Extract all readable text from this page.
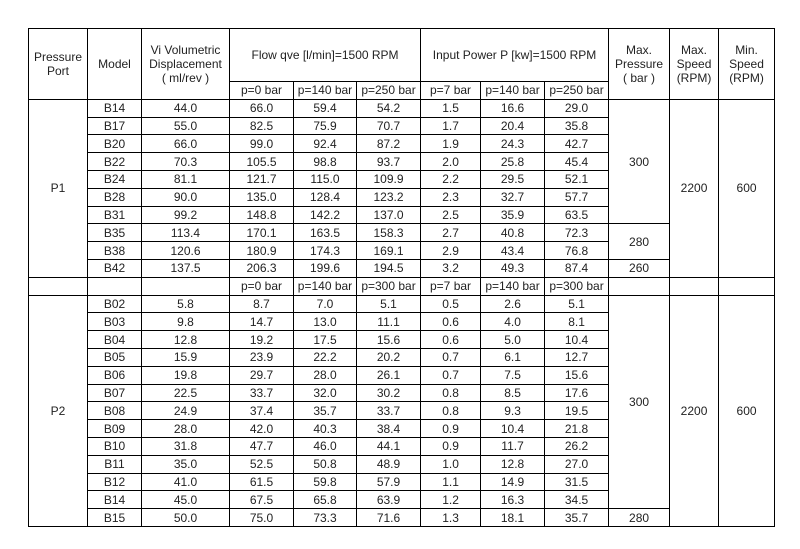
Pressure
Port	Model	Vi Volumetric
Displacement
( ml/rev )	Flow qve [l/min]=1500 RPM			Input Power P [kw]=1500 RPM			Max.
Pressure
( bar )	Max.
Speed
(RPM)	Min.
Speed
(RPM)
			p=0 bar	p=140 bar	p=250 bar	p=7 bar	p=140 bar	p=250 bar			
P1	B14	44.0	66.0	59.4	54.2	1.5	16.6	29.0	300	2200	600
	B17	55.0	82.5	75.9	70.7	1.7	20.4	35.8			
	B20	66.0	99.0	92.4	87.2	1.9	24.3	42.7			
	B22	70.3	105.5	98.8	93.7	2.0	25.8	45.4			
	B24	81.1	121.7	115.0	109.9	2.2	29.5	52.1			
	B28	90.0	135.0	128.4	123.2	2.3	32.7	57.7			
	B31	99.2	148.8	142.2	137.0	2.5	35.9	63.5			
	B35	113.4	170.1	163.5	158.3	2.7	40.8	72.3	280		
	B38	120.6	180.9	174.3	169.1	2.9	43.4	76.8			
	B42	137.5	206.3	199.6	194.5	3.2	49.3	87.4	260		
			p=0 bar	p=140 bar	p=300 bar	p=7 bar	p=140 bar	p=300 bar			
P2	B02	5.8	8.7	7.0	5.1	0.5	2.6	5.1	300	2200	600
	B03	9.8	14.7	13.0	11.1	0.6	4.0	8.1			
	B04	12.8	19.2	17.5	15.6	0.6	5.0	10.4			
	B05	15.9	23.9	22.2	20.2	0.7	6.1	12.7			
	B06	19.8	29.7	28.0	26.1	0.7	7.5	15.6			
	B07	22.5	33.7	32.0	30.2	0.8	8.5	17.6			
	B08	24.9	37.4	35.7	33.7	0.8	9.3	19.5			
	B09	28.0	42.0	40.3	38.4	0.9	10.4	21.8			
	B10	31.8	47.7	46.0	44.1	0.9	11.7	26.2			
	B11	35.0	52.5	50.8	48.9	1.0	12.8	27.0			
	B12	41.0	61.5	59.8	57.9	1.1	14.9	31.5			
	B14	45.0	67.5	65.8	63.9	1.2	16.3	34.5			
	B15	50.0	75.0	73.3	71.6	1.3	18.1	35.7	280		
